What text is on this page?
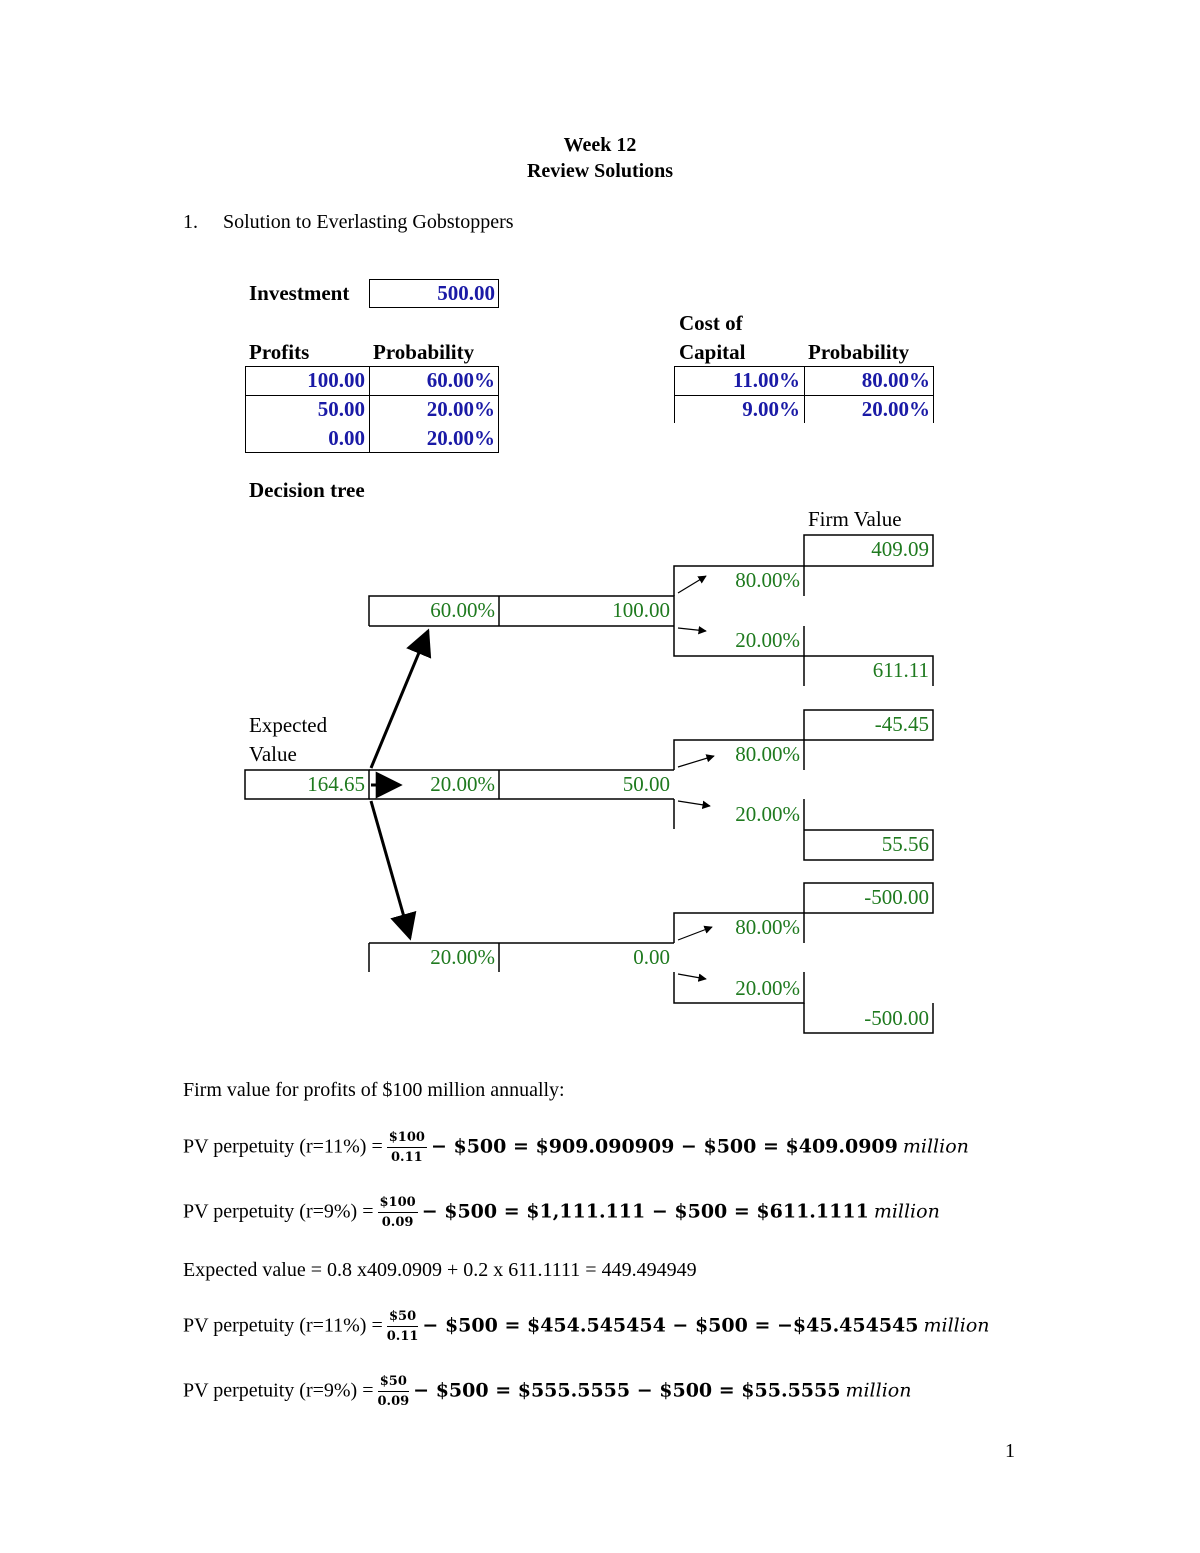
Week 12
Review Solutions
1. Solution to Everlasting Gobstoppers
Investment	500.00
Profits	Probability
100.00	60.00%
50.00	20.00%
0.00	20.00%
Cost of
Capital	Probability
11.00%	80.00%
9.00%	20.00%
Decision tree
Firm Value
Expected
Value
164.65
60.00%	100.00
80.00%
20.00%
409.09
611.11
20.00%	50.00
80.00%
20.00%
-45.45
55.56
20.00%	0.00
80.00%
20.00%
-500.00
-500.00
Firm value for profits of $100 million annually:
PV perpetuity $(r=11\%) = \frac{\$100}{0.11}$ − $500 = $909.090909 − $500 = $409.0909 million
PV perpetuity $(r=9\%) = \frac{\$100}{0.09}$ − $500 = $1,111.111 − $500 = $611.1111 million
Expected value = 0.8 x409.0909 + 0.2 x 611.1111 = 449.494949
PV perpetuity $(r=11\%) = \frac{\$50}{0.11}$ − $500 = $454.545454 − $500 = −$45.454545 million
PV perpetuity $(r=9\%) = \frac{\$50}{0.09}$ − $500 = $555.5555 − $500 = $55.5555 million
1
